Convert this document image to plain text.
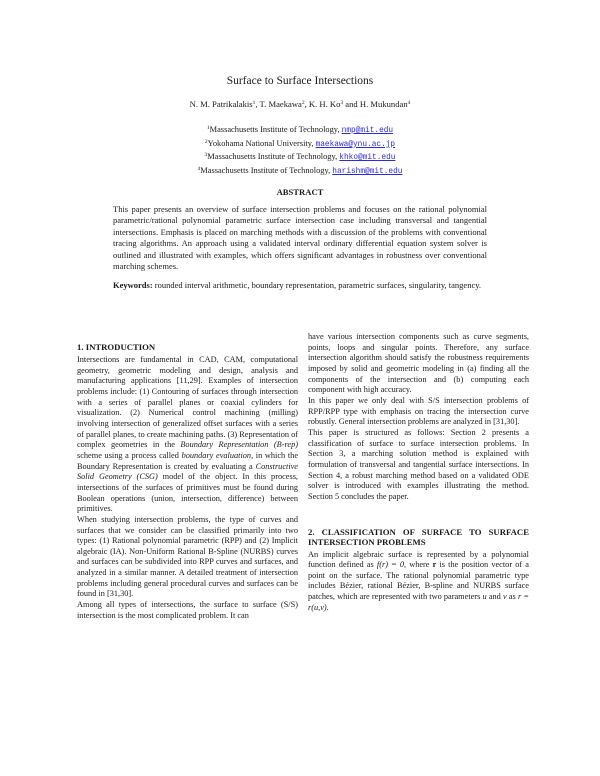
Surface to Surface Intersections
N. M. Patrikalakis$^1$, T. Maekawa$^2$, K. H. Ko$^3$ and H. Mukundan$^4$
$^1$Massachusetts Institute of Technology, nmp@mit.edu
$^2$Yokohama National University, maekawa@ynu.ac.jp
$^3$Massachusetts Institute of Technology, khko@mit.edu
$^4$Massachusetts Institute of Technology, harishm@mit.edu
ABSTRACT
This paper presents an overview of surface intersection problems and focuses on the rational polynomial parametric/rational polynomial parametric surface intersection case including transversal and tangential intersections. Emphasis is placed on marching methods with a discussion of the problems with conventional tracing algorithms. An approach using a validated interval ordinary differential equation system solver is outlined and illustrated with examples, which offers significant advantages in robustness over conventional marching schemes.
Keywords: rounded interval arithmetic, boundary representation, parametric surfaces, singularity, tangency.
1. INTRODUCTION

Intersections are fundamental in CAD, CAM, computational geometry, geometric modeling and design, analysis and manufacturing applications [11,29]. Examples of intersection problems include: (1) Contouring of surfaces through intersection with a series of parallel planes or coaxial cylinders for visualization. (2) Numerical control machining (milling) involving intersection of generalized offset surfaces with a series of parallel planes, to create machining paths. (3) Representation of complex geometries in the Boundary Representation (B-rep) scheme using a process called boundary evaluation, in which the Boundary Representation is created by evaluating a Constructive Solid Geometry (CSG) model of the object. In this process, intersections of the surfaces of primitives must be found during Boolean operations (union, intersection, difference) between primitives.

When studying intersection problems, the type of curves and surfaces that we consider can be classified primarily into two types: (1) Rational polynomial parametric (RPP) and (2) Implicit algebraic (IA). Non-Uniform Rational B-Spline (NURBS) curves and surfaces can be subdivided into RPP curves and surfaces, and analyzed in a similar manner. A detailed treatment of intersection problems including general procedural curves and surfaces can be found in [31,30].

Among all types of intersections, the surface to surface (S/S) intersection is the most complicated problem. It can

have various intersection components such as curve segments, points, loops and singular points. Therefore, any surface intersection algorithm should satisfy the robustness requirements imposed by solid and geometric modeling in (a) finding all the components of the intersection and (b) computing each component with high accuracy.

In this paper we only deal with S/S intersection problems of RPP/RPP type with emphasis on tracing the intersection curve robustly. General intersection problems are analyzed in [31,30].

This paper is structured as follows: Section 2 presents a classification of surface to surface intersection problems. In Section 3, a marching solution method is explained with formulation of transversal and tangential surface intersections. In Section 4, a robust marching method based on a validated ODE solver is introduced with examples illustrating the method. Section 5 concludes the paper.

2. CLASSIFICATION OF SURFACE TO SURFACE INTERSECTION PROBLEMS

An implicit algebraic surface is represented by a polynomial function defined as f(r) = 0, where r is the position vector of a point on the surface. The rational polynomial parametric type includes Bézier, rational Bézier, B-spline and NURBS surface patches, which are represented with two parameters u and v as r = r(u,v).
